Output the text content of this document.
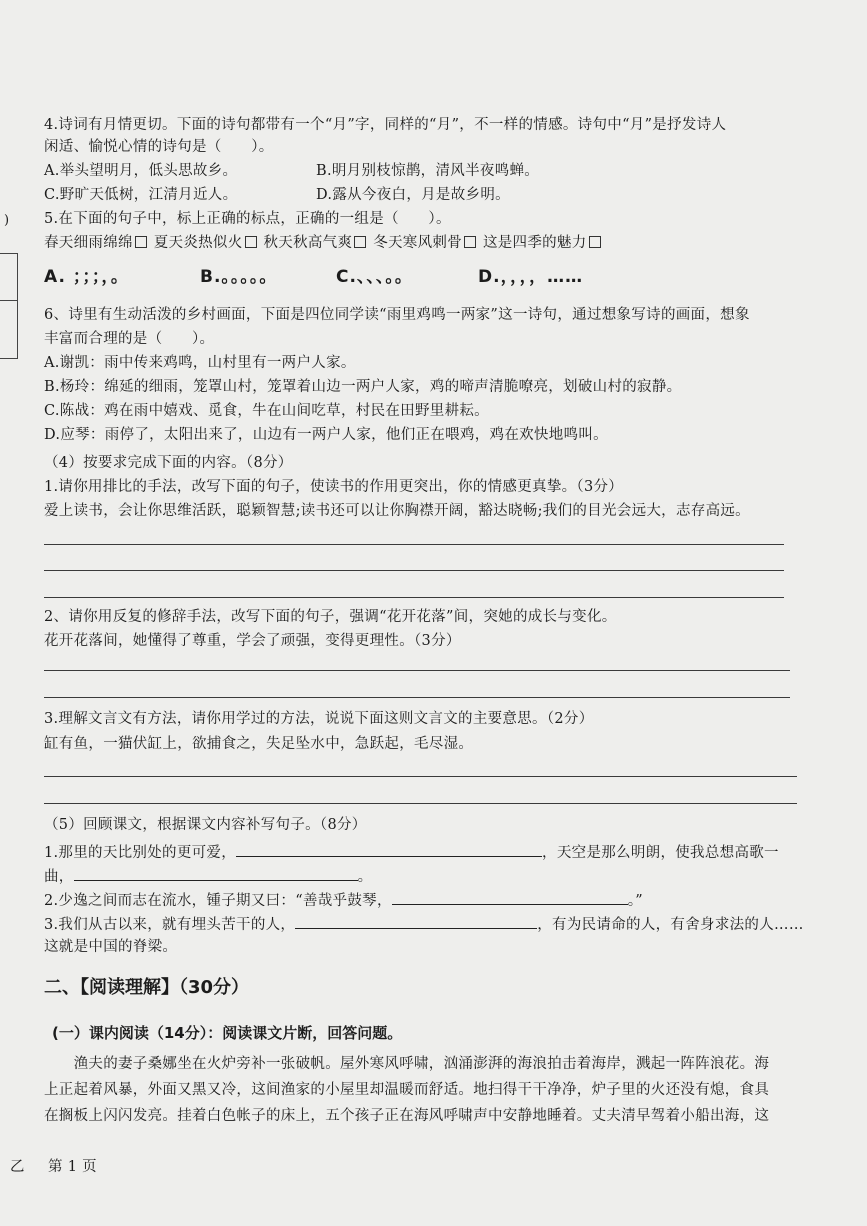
)
4.诗词有月情更切。下面的诗句都带有一个“月”字，同样的“月”，不一样的情感。诗句中“月”是抒发诗人
闲适、愉悦心情的诗句是（　　）。
A.举头望明月，低头思故乡。	B.明月别枝惊鹊，清风半夜鸣蝉。
C.野旷天低树，江清月近人。	D.露从今夜白，月是故乡明。
5.在下面的句子中，标上正确的标点，正确的一组是（　　）。
春天细雨绵绵 夏天炎热似火 秋天秋高气爽 冬天寒风刺骨 这是四季的魅力
A. ；；；，。	B.。。。。。	C.、、、。。	D.，，，，……
6、诗里有生动活泼的乡村画面，下面是四位同学读“雨里鸡鸣一两家”这一诗句，通过想象写诗的画面，想象
丰富而合理的是（　　）。
A.谢凯：雨中传来鸡鸣，山村里有一两户人家。
B.杨玲：绵延的细雨，笼罩山村，笼罩着山边一两户人家，鸡的啼声清脆嘹亮，划破山村的寂静。
C.陈战：鸡在雨中嬉戏、觅食，牛在山间吃草，村民在田野里耕耘。
D.应琴：雨停了，太阳出来了，山边有一两户人家，他们正在喂鸡，鸡在欢快地鸣叫。
（4）按要求完成下面的内容。（8分）
1.请你用排比的手法，改写下面的句子，使读书的作用更突出，你的情感更真挚。（3分）
爱上读书，会让你思维活跃，聪颖智慧;读书还可以让你胸襟开阔，豁达晓畅;我们的目光会远大，志存高远。
2、请你用反复的修辞手法，改写下面的句子，强调“花开花落”间，突她的成长与变化。
花开花落间，她懂得了尊重，学会了顽强，变得更理性。（3分）
3.理解文言文有方法，请你用学过的方法，说说下面这则文言文的主要意思。（2分）
缸有鱼，一猫伏缸上，欲捕食之，失足坠水中，急跃起，毛尽湿。
（5）回顾课文，根据课文内容补写句子。（8分）
1.那里的天比别处的更可爱，	，天空是那么明朗，使我总想高歌一
曲，	。
2.少逸之间而志在流水，锺子期又曰：“善哉乎鼓琴，	。”
3.我们从古以来，就有埋头苦干的人，	，有为民请命的人，有舍身求法的人……
这就是中国的脊梁。
二、【阅读理解】（30分）
(一）课内阅读（14分）：阅读课文片断，回答问题。
　　渔夫的妻子桑娜坐在火炉旁补一张破帆。屋外寒风呼啸，汹涌澎湃的海浪拍击着海岸，溅起一阵阵浪花。海
上正起着风暴，外面又黑又冷，这间渔家的小屋里却温暖而舒适。地扫得干干净净，炉子里的火还没有熄，食具
在搁板上闪闪发亮。挂着白色帐子的床上，五个孩子正在海风呼啸声中安静地睡着。丈夫清早驾着小船出海，这
乙 第 1 页
